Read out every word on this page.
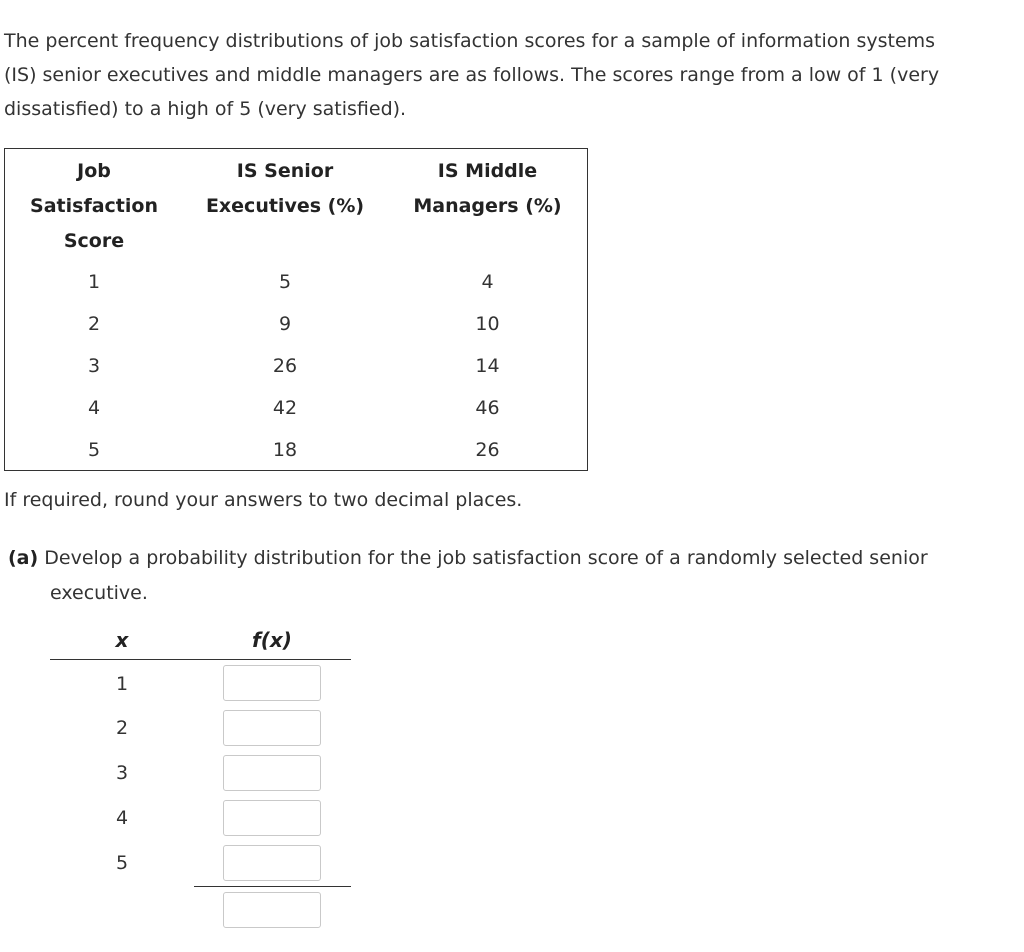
The percent frequency distributions of job satisfaction scores for a sample of information systems
(IS) senior executives and middle managers are as follows. The scores range from a low of 1 (very
dissatisfied) to a high of 5 (very satisfied).
Job
Satisfaction
Score
IS Senior
Executives (%)
IS Middle
Managers (%)
1	5	4
2	9	10
3	26	14
4	42	46
5	18	26

If required, round your answers to two decimal places.

(a) Develop a probability distribution for the job satisfaction score of a randomly selected senior
executive.
x	f(x)
1
2
3
4
5
